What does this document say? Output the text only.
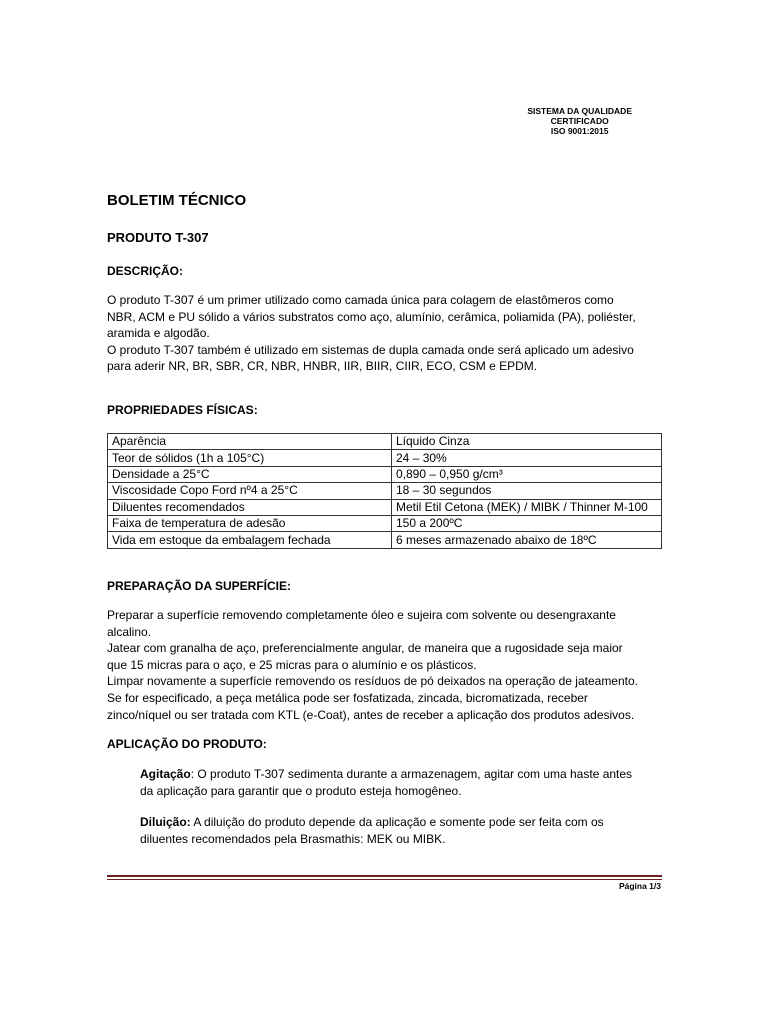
SISTEMA DA QUALIDADE
CERTIFICADO
ISO 9001:2015
BOLETIM TÉCNICO
PRODUTO T-307
DESCRIÇÃO:
O produto T-307 é um primer utilizado como camada única para colagem de elastômeros como
NBR, ACM e PU sólido a vários substratos como aço, alumínio, cerâmica, poliamida (PA), poliéster,
aramida e algodão.
O produto T-307 também é utilizado em sistemas de dupla camada onde será aplicado um adesivo
para aderir NR, BR, SBR, CR, NBR, HNBR, IIR, BIIR, CIIR, ECO, CSM e EPDM.
PROPRIEDADES FÍSICAS:
Aparência	Líquido Cinza
Teor de sólidos (1h a 105°C)	24 – 30%
Densidade a 25°C	0,890 – 0,950 g/cm³
Viscosidade Copo Ford nº4 a 25°C	18 – 30 segundos
Diluentes recomendados	Metil Etil Cetona (MEK) / MIBK / Thinner M-100
Faixa de temperatura de adesão	150 a 200ºC
Vida em estoque da embalagem fechada	6 meses armazenado abaixo de 18ºC
PREPARAÇÃO DA SUPERFÍCIE:
Preparar a superfície removendo completamente óleo e sujeira com solvente ou desengraxante
alcalino.
Jatear com granalha de aço, preferencialmente angular, de maneira que a rugosidade seja maior
que 15 micras para o aço, e 25 micras para o alumínio e os plásticos.
Limpar novamente a superfície removendo os resíduos de pó deixados na operação de jateamento.
Se for especificado, a peça metálica pode ser fosfatizada, zincada, bicromatizada, receber
zinco/níquel ou ser tratada com KTL (e-Coat), antes de receber a aplicação dos produtos adesivos.
APLICAÇÃO DO PRODUTO:
Agitação: O produto T-307 sedimenta durante a armazenagem, agitar com uma haste antes
da aplicação para garantir que o produto esteja homogêneo.
Diluição: A diluição do produto depende da aplicação e somente pode ser feita com os
diluentes recomendados pela Brasmathis: MEK ou MIBK.
Página 1/3
